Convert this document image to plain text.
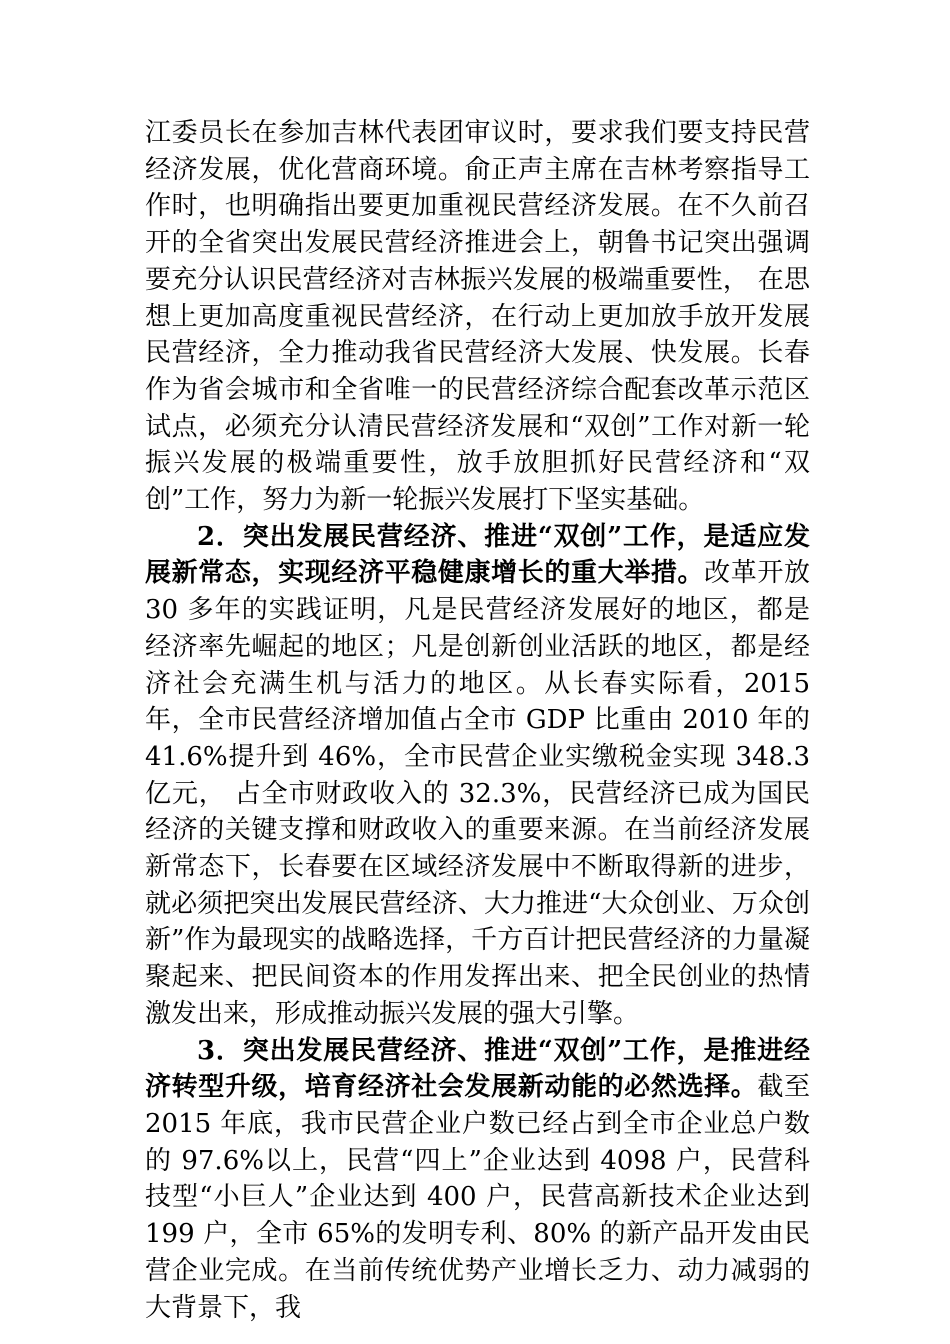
江委员长在参加吉林代表团审议时，要求我们要支持民营经济发展，优化营商环境。俞正声主席在吉林考察指导工作时，也明确指出要更加重视民营经济发展。在不久前召开的全省突出发展民营经济推进会上，朝鲁书记突出强调要充分认识民营经济对吉林振兴发展的极端重要性， 在思想上更加高度重视民营经济，在行动上更加放手放开发展民营经济，全力推动我省民营经济大发展、快发展。长春作为省会城市和全省唯一的民营经济综合配套改革示范区试点，必须充分认清民营经济发展和“双创”工作对新一轮振兴发展的极端重要性，放手放胆抓好民营经济和“双创”工作，努力为新一轮振兴发展打下坚实基础。

2．突出发展民营经济、推进“双创”工作，是适应发展新常态，实现经济平稳健康增长的重大举措。改革开放 30 多年的实践证明，凡是民营经济发展好的地区，都是经济率先崛起的地区；凡是创新创业活跃的地区，都是经济社会充满生机与活力的地区。从长春实际看，2015 年，全市民营经济增加值占全市 GDP 比重由 2010 年的 41.6%提升到 46%，全市民营企业实缴税金实现 348.3 亿元， 占全市财政收入的 32.3%，民营经济已成为国民经济的关键支撑和财政收入的重要来源。在当前经济发展新常态下，长春要在区域经济发展中不断取得新的进步，就必须把突出发展民营经济、大力推进“大众创业、万众创新”作为最现实的战略选择，千方百计把民营经济的力量凝聚起来、把民间资本的作用发挥出来、把全民创业的热情激发出来，形成推动振兴发展的强大引擎。

3．突出发展民营经济、推进“双创”工作，是推进经济转型升级，培育经济社会发展新动能的必然选择。截至 2015 年底，我市民营企业户数已经占到全市企业总户数的 97.6%以上，民营“四上”企业达到 4098 户，民营科技型“小巨人”企业达到 400 户，民营高新技术企业达到 199 户，全市 65%的发明专利、80% 的新产品开发由民营企业完成。在当前传统优势产业增长乏力、动力减弱的大背景下，我
